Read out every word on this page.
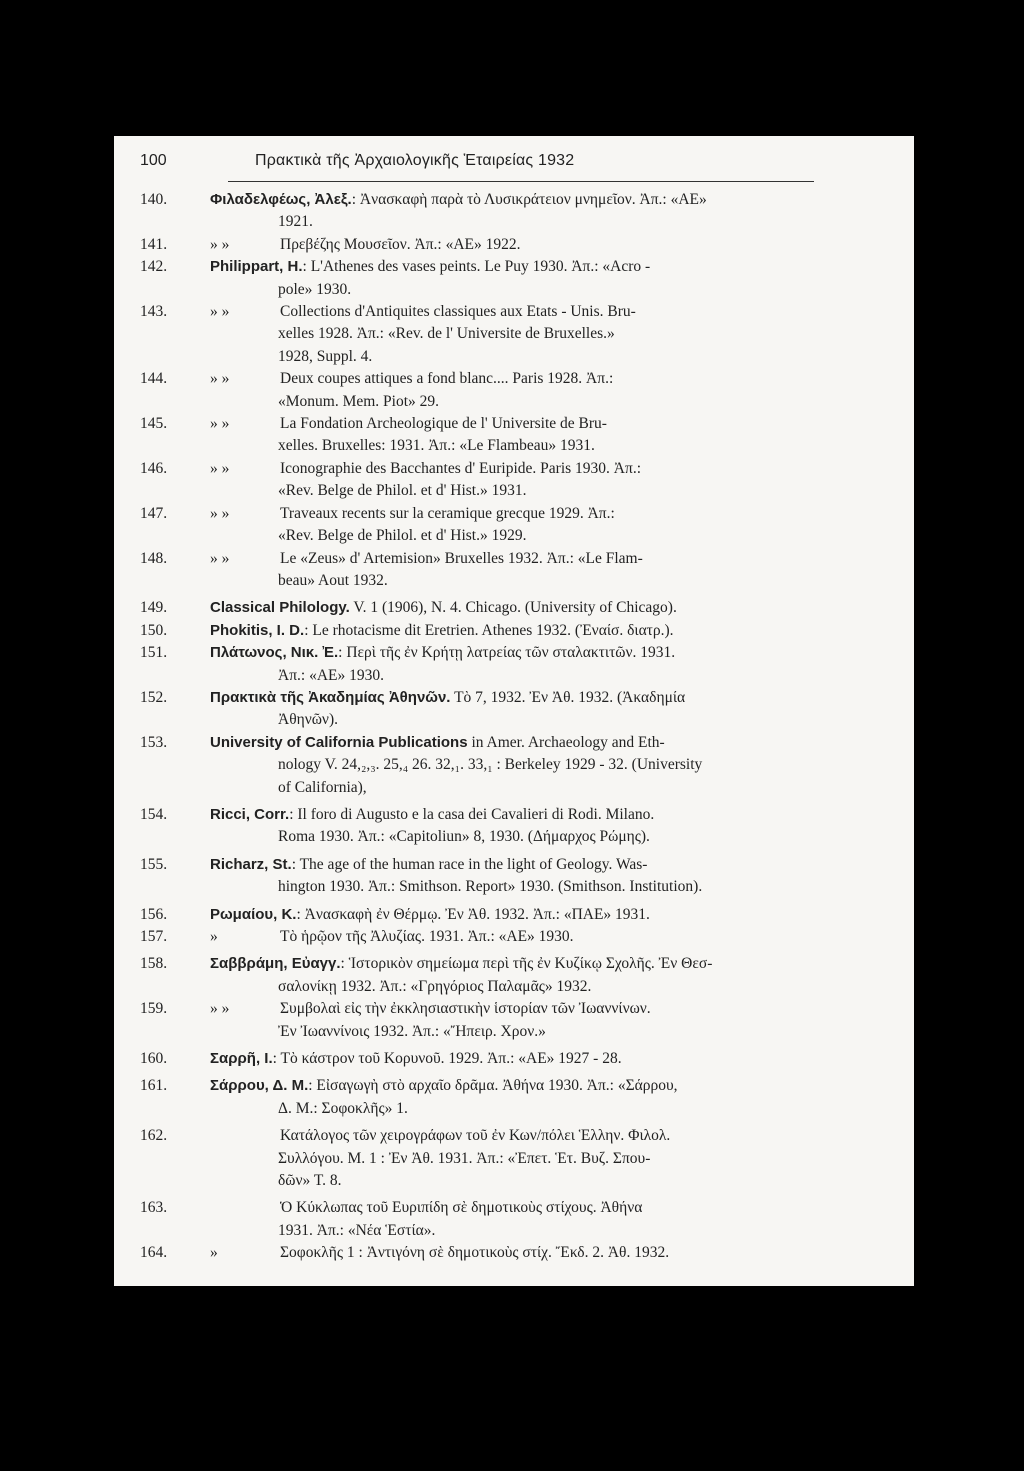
100	Πρακτικὰ τῆς Ἀρχαιολογικῆς Ἑταιρείας 1932
140.	Φιλαδελφέως, Ἀλεξ.: Ἀνασκαφὴ παρὰ τὸ Λυσικράτειον μνημεῖον. Ἀπ.: «ΑΕ»
1921.
141.	» »	Πρεβέζης Μουσεῖον. Ἀπ.: «ΑΕ» 1922.
142.	Philippart, H.: L'Athenes des vases peints. Le Puy 1930. Ἀπ.: «Acro -
pole» 1930.
143.	» »	Collections d'Antiquites classiques aux Etats - Unis. Bru-
xelles 1928. Ἀπ.: «Rev. de l' Universite de Bruxelles.»
1928, Suppl. 4.
144.	» »	Deux coupes attiques a fond blanc.... Paris 1928. Ἀπ.:
«Monum. Mem. Piot» 29.
145.	» »	La Fondation Archeologique de l' Universite de Bru-
xelles. Bruxelles: 1931. Ἀπ.: «Le Flambeau» 1931.
146.	» »	Iconographie des Bacchantes d' Euripide. Paris 1930. Ἀπ.:
«Rev. Belge de Philol. et d' Hist.» 1931.
147.	» »	Traveaux recents sur la ceramique grecque 1929. Ἀπ.:
«Rev. Belge de Philol. et d' Hist.» 1929.
148.	» »	Le «Zeus» d' Artemision» Bruxelles 1932. Ἀπ.: «Le Flam-
beau» Aout 1932.
149.	Classical Philology. V. 1 (1906), N. 4. Chicago. (University of Chicago).
150.	Phokitis, I. D.: Le rhotacisme dit Eretrien. Athenes 1932. (Ἐναίσ. διατρ.).
151.	Πλάτωνος, Νικ. Ἐ.: Περὶ τῆς ἐν Κρήτῃ λατρείας τῶν σταλακτιτῶν. 1931.
Ἀπ.: «ΑΕ» 1930.
152.	Πρακτικὰ τῆς Ἀκαδημίας Ἀθηνῶν. Τὸ 7, 1932. Ἐν Ἀθ. 1932. (Ἀκαδημία
Ἀθηνῶν).
153.	University of California Publications in Amer. Archaeology and Eth-
nology V. 24,₂,₃. 25,₄ 26. 32,₁. 33,₁ : Berkeley 1929 - 32. (University
of California),
154.	Ricci, Corr.: Il foro di Augusto e la casa dei Cavalieri di Rodi. Milano.
Roma 1930. Ἀπ.: «Capitoliun» 8, 1930. (Δήμαρχος Ρώμης).
155.	Richarz, St.: The age of the human race in the light of Geology. Was-
hington 1930. Ἀπ.: Smithson. Report» 1930. (Smithson. Institution).
156.	Ρωμαίου, Κ.: Ἀνασκαφὴ ἐν Θέρμῳ. Ἐν Ἀθ. 1932. Ἀπ.: «ΠΑΕ» 1931.
157.	»	Τὸ ἡρῷον τῆς Ἀλυζίας. 1931. Ἀπ.: «ΑΕ» 1930.
158.	Σαββράμη, Εὐαγγ.: Ἱστορικὸν σημείωμα περὶ τῆς ἐν Κυζίκῳ Σχολῆς. Ἐν Θεσ-
σαλονίκῃ 1932. Ἀπ.: «Γρηγόριος Παλαμᾶς» 1932.
159.	» »	Συμβολαὶ εἰς τὴν ἐκκλησιαστικὴν ἱστορίαν τῶν Ἰωαννίνων.
Ἐν Ἰωαννίνοις 1932. Ἀπ.: «Ἤπειρ. Χρον.»
160.	Σαρρῆ, Ι.: Τὸ κάστρον τοῦ Κορυνοῦ. 1929. Ἀπ.: «ΑΕ» 1927 - 28.
161.	Σάρρου, Δ. Μ.: Εἰσαγωγὴ στὸ αρχαῖο δρᾶμα. Ἀθήνα 1930. Ἀπ.: «Σάρρου,
Δ. Μ.: Σοφοκλῆς» 1.
162.	Κατάλογος τῶν χειρογράφων τοῦ ἐν Κων/πόλει Ἑλλην. Φιλολ.
Συλλόγου. Μ. 1 : Ἐν Ἀθ. 1931. Ἀπ.: «Ἐπετ. Ἑτ. Βυζ. Σπου-
δῶν» Τ. 8.
163.	Ὁ Κύκλωπας τοῦ Ευριπίδη σὲ δημοτικοὺς στίχους. Ἀθήνα
1931. Ἀπ.: «Νέα Ἑστία».
164.	»	Σοφοκλῆς 1 : Ἀντιγόνη σὲ δημοτικοὺς στίχ. Ἔκδ. 2. Ἀθ. 1932.
